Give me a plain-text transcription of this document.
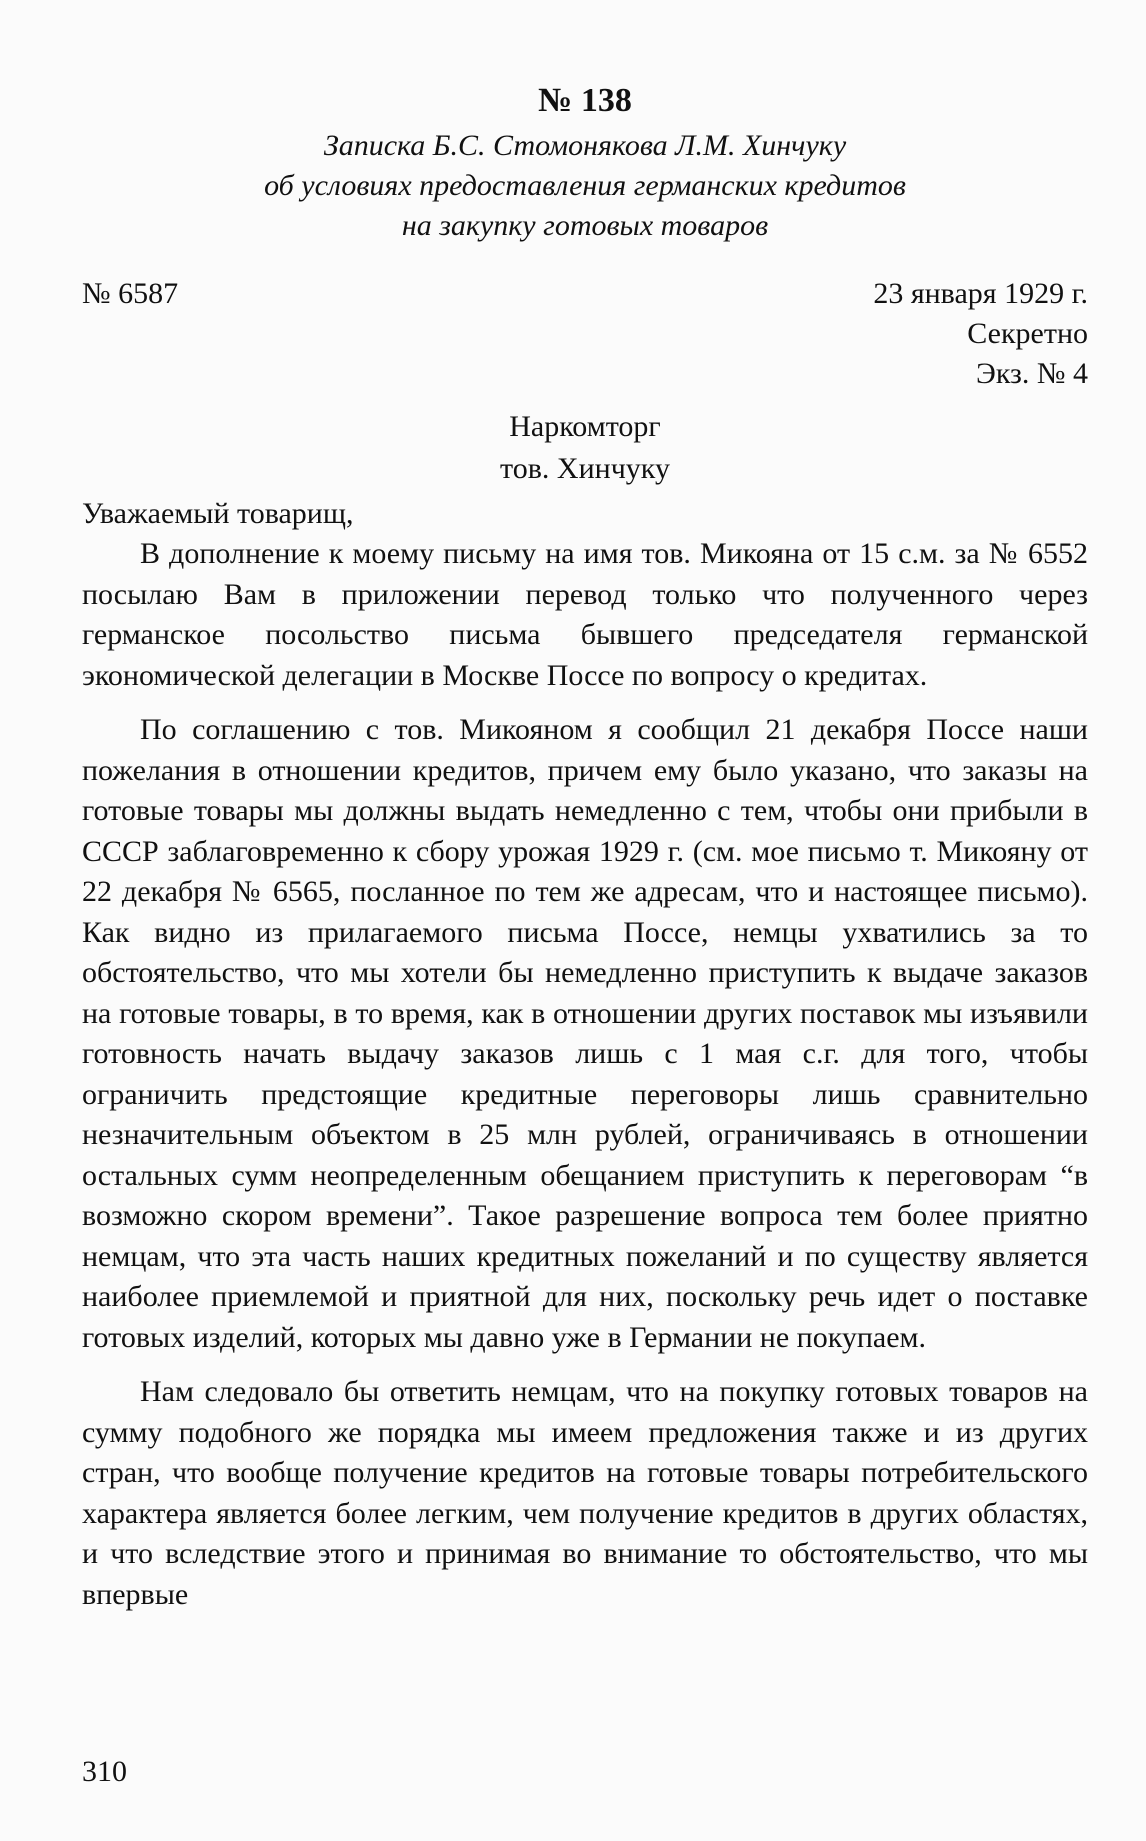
№ 138
Записка Б.С. Стомонякова Л.М. Хинчуку
об условиях предоставления германских кредитов
на закупку готовых товаров
№ 6587	23 января 1929 г.
Секретно
Экз. № 4
Наркомторг
тов. Хинчуку
Уважаемый товарищ,

В дополнение к моему письму на имя тов. Микояна от 15 с.м. за № 6552 посылаю Вам в приложении перевод только что полученного через германское посольство письма бывшего председателя германской экономической делегации в Москве Поссе по вопросу о кредитах.

По соглашению с тов. Микояном я сообщил 21 декабря Поссе наши пожелания в отношении кредитов, причем ему было указано, что заказы на готовые товары мы должны выдать немедленно с тем, чтобы они прибыли в СССР заблаговременно к сбору урожая 1929 г. (см. мое письмо т. Микояну от 22 декабря № 6565, посланное по тем же адресам, что и настоящее письмо). Как видно из прилагаемого письма Поссе, немцы ухватились за то обстоятельство, что мы хотели бы немедленно приступить к выдаче заказов на готовые товары, в то время, как в отношении других поставок мы изъявили готовность начать выдачу заказов лишь с 1 мая с.г. для того, чтобы ограничить предстоящие кредитные переговоры лишь сравнительно незначительным объектом в 25 млн рублей, ограничиваясь в отношении остальных сумм неопределенным обещанием приступить к переговорам “в возможно скором времени”. Такое разрешение вопроса тем более приятно немцам, что эта часть наших кредитных пожеланий и по существу является наиболее приемлемой и приятной для них, поскольку речь идет о поставке готовых изделий, которых мы давно уже в Германии не покупаем.

Нам следовало бы ответить немцам, что на покупку готовых товаров на сумму подобного же порядка мы имеем предложения также и из других стран, что вообще получение кредитов на готовые товары потребительского характера является более легким, чем получение кредитов в других областях, и что вследствие этого и принимая во внимание то обстоятельство, что мы впервые

310
